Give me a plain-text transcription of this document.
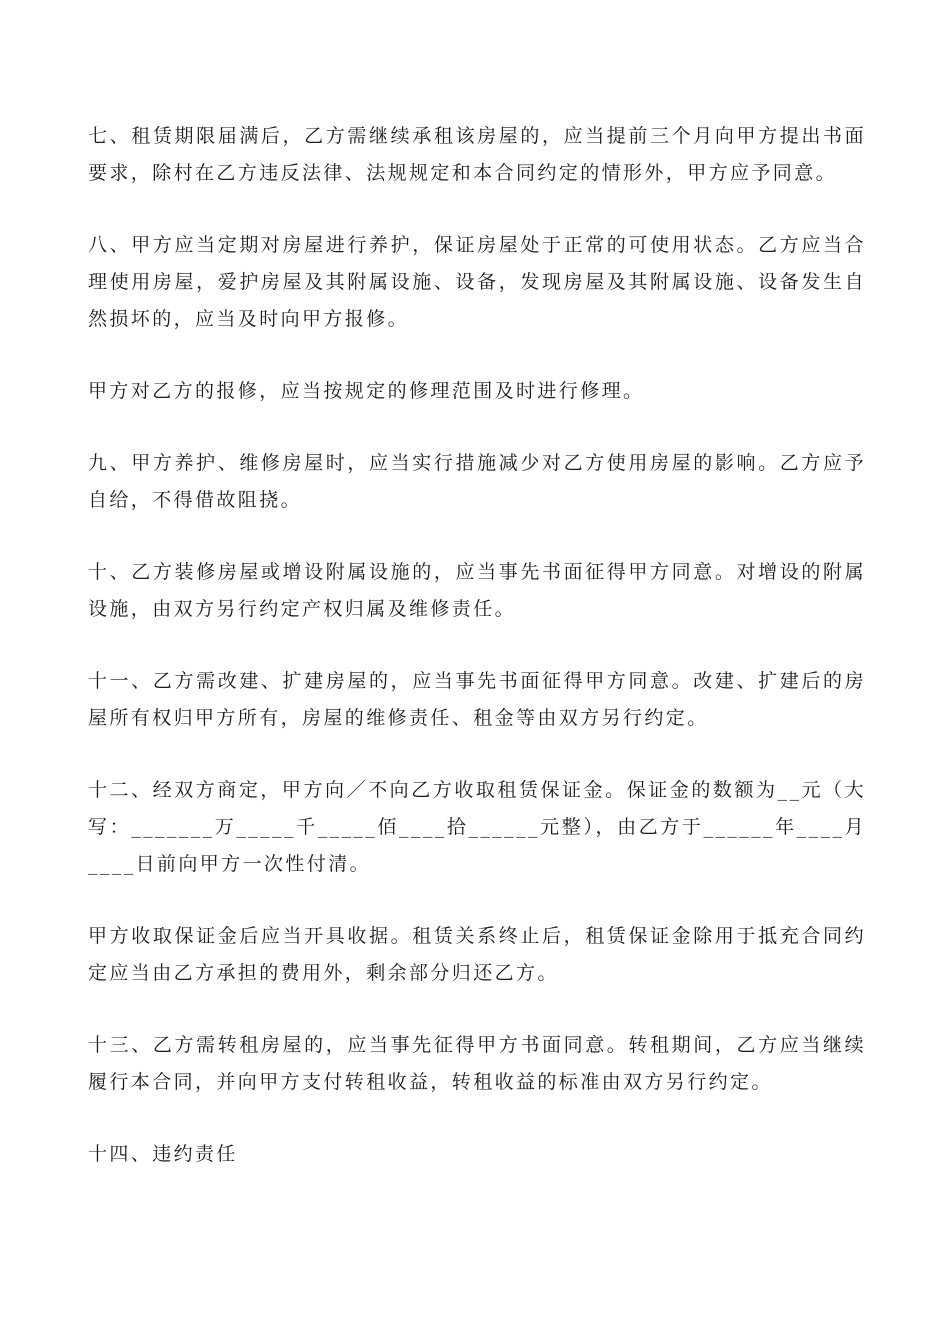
七、租赁期限届满后，乙方需继续承租该房屋的，应当提前三个月向甲方提出书面要求，除村在乙方违反法律、法规规定和本合同约定的情形外，甲方应予同意。

八、甲方应当定期对房屋进行养护，保证房屋处于正常的可使用状态。乙方应当合理使用房屋，爱护房屋及其附属设施、设备，发现房屋及其附属设施、设备发生自然损坏的，应当及时向甲方报修。

甲方对乙方的报修，应当按规定的修理范围及时进行修理。

九、甲方养护、维修房屋时，应当实行措施减少对乙方使用房屋的影响。乙方应予自给，不得借故阻挠。

十、乙方装修房屋或增设附属设施的，应当事先书面征得甲方同意。对增设的附属设施，由双方另行约定产权归属及维修责任。

十一、乙方需改建、扩建房屋的，应当事先书面征得甲方同意。改建、扩建后的房屋所有权归甲方所有，房屋的维修责任、租金等由双方另行约定。

十二、经双方商定，甲方向／不向乙方收取租赁保证金。保证金的数额为__元（大写：_______万_____千_____佰____拾______元整），由乙方于______年____月____日前向甲方一次性付清。

甲方收取保证金后应当开具收据。租赁关系终止后，租赁保证金除用于抵充合同约定应当由乙方承担的费用外，剩余部分归还乙方。

十三、乙方需转租房屋的，应当事先征得甲方书面同意。转租期间，乙方应当继续履行本合同，并向甲方支付转租收益，转租收益的标准由双方另行约定。

十四、违约责任
